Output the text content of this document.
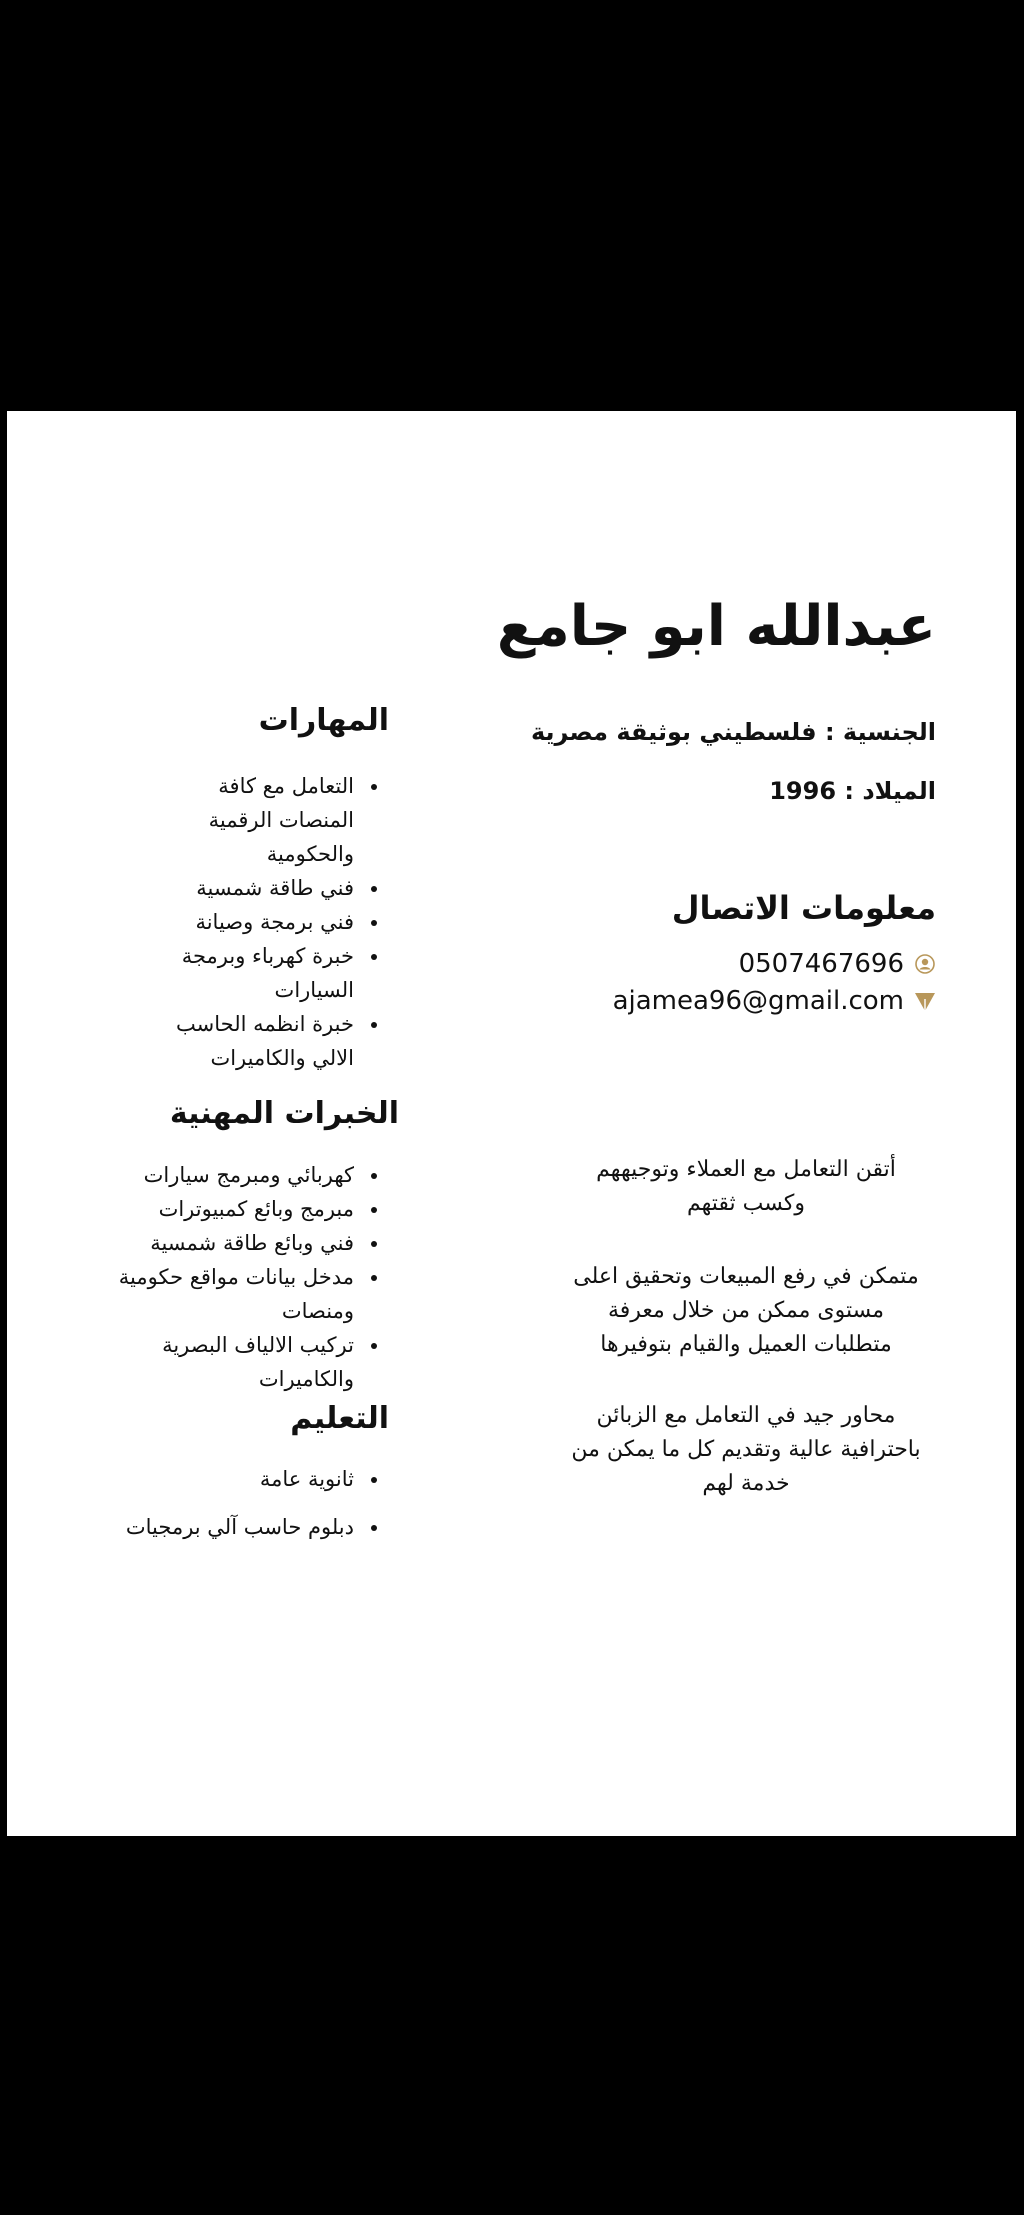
عبدالله ابو جامع
الجنسية : فلسطيني بوثيقة مصرية
الميلاد : 1996
معلومات الاتصال
0507467696
ajamea96@gmail.com

أتقن التعامل مع العملاء وتوجيههم وكسب ثقتهم

متمكن في رفع المبيعات وتحقيق اعلى مستوى ممكن من خلال معرفة متطلبات العميل والقيام بتوفيرها

محاور جيد في التعامل مع الزبائن باحترافية عالية وتقديم كل ما يمكن من خدمة لهم

المهارات
• التعامل مع كافة المنصات الرقمية والحكومية
• فني طاقة شمسية
• فني برمجة وصيانة
• خبرة كهرباء وبرمجة السيارات
• خبرة انظمه الحاسب الالي والكاميرات
الخبرات المهنية
• كهربائي ومبرمج سيارات
• مبرمج وبائع كمبيوترات
• فني وبائع طاقة شمسية
• مدخل بيانات مواقع حكومية ومنصات
• تركيب الالياف البصرية والكاميرات
التعليم
• ثانوية عامة
• دبلوم حاسب آلي برمجيات
